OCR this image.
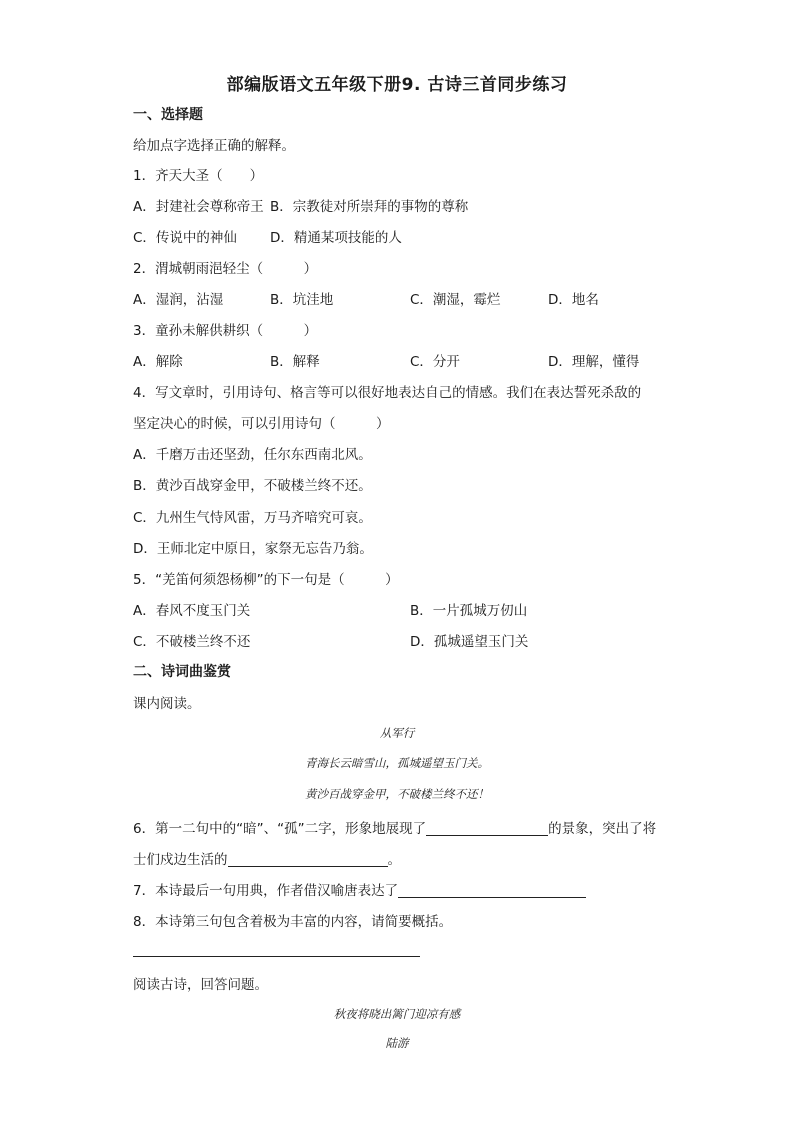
部编版语文五年级下册9. 古诗三首同步练习
一、选择题
给加点字选择正确的解释。
1．齐天大圣（　　）
A．封建社会尊称帝王 B．宗教徒对所崇拜的事物的尊称
C．传说中的神仙 D．精通某项技能的人
2．渭城朝雨浥轻尘（　　　）
A．湿润，沾湿	B．坑洼地	C．潮湿，霉烂	D．地名
3．童孙未解供耕织（　　　）
A．解除	B．解释	C．分开	D．理解，懂得
4．写文章时，引用诗句、格言等可以很好地表达自己的情感。我们在表达誓死杀敌的
坚定决心的时候，可以引用诗句（　　　）
A．千磨万击还坚劲，任尔东西南北风。
B．黄沙百战穿金甲，不破楼兰终不还。
C．九州生气恃风雷，万马齐喑究可哀。
D．王师北定中原日，家祭无忘告乃翁。
5．“羌笛何须怨杨柳”的下一句是（　　　）
A．春风不度玉门关	B．一片孤城万仞山
C．不破楼兰终不还	D．孤城遥望玉门关
二、诗词曲鉴赏
课内阅读。
从军行
青海长云暗雪山，孤城遥望玉门关。
黄沙百战穿金甲，不破楼兰终不还！
6．第一二句中的“暗”、“孤”二字，形象地展现了	的景象，突出了将
士们戍边生活的	。
7．本诗最后一句用典，作者借汉喻唐表达了
8．本诗第三句包含着极为丰富的内容，请简要概括。
阅读古诗，回答问题。
秋夜将晓出篱门迎凉有感
陆游
